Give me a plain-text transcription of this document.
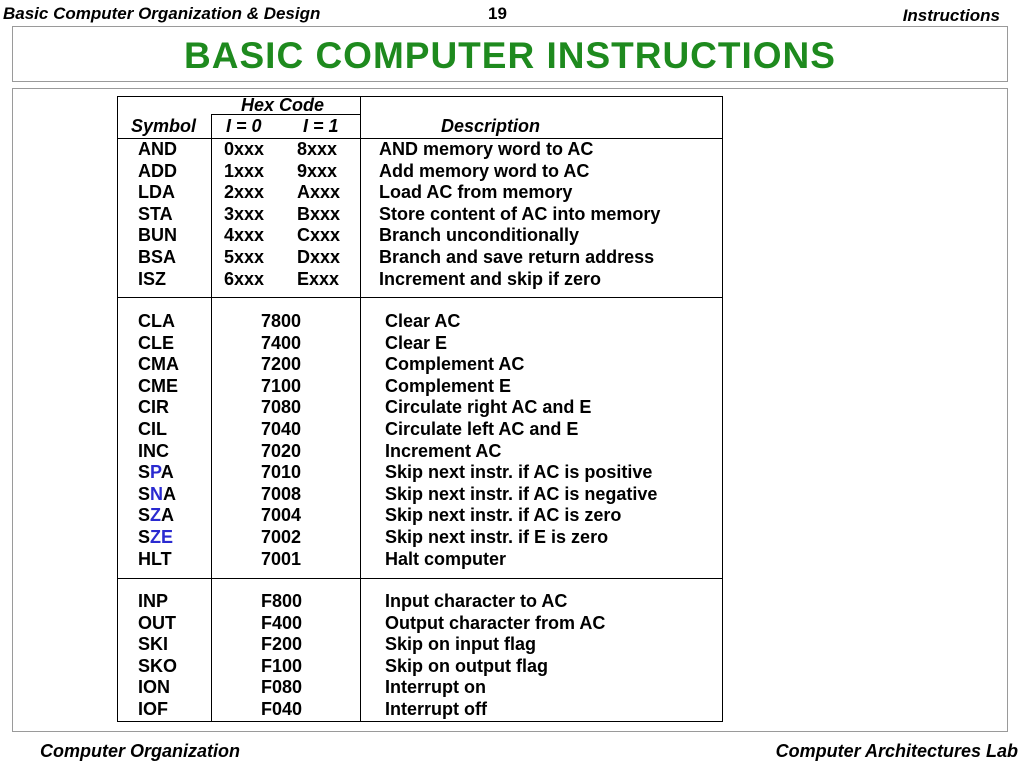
Basic Computer Organization & Design	19	Instructions
BASIC COMPUTER INSTRUCTIONS
Hex Code
Symbol I = 0 I = 1	Description
AND	0xxx 8xxx AND memory word to AC
ADD	1xxx 9xxx Add memory word to AC
LDA	2xxx Axxx Load AC from memory
STA	3xxx Bxxx Store content of AC into memory
BUN	4xxx Cxxx Branch unconditionally
BSA	5xxx Dxxx Branch and save return address
ISZ	6xxx Exxx Increment and skip if zero
CLA	7800	Clear AC
CLE	7400	Clear E
CMA	7200	Complement AC
CME	7100	Complement E
CIR	7080	Circulate right AC and E
CIL	7040	Circulate left AC and E
INC	7020	Increment AC
SPA	7010	Skip next instr. if AC is positive
SNA	7008	Skip next instr. if AC is negative
SZA	7004	Skip next instr. if AC is zero
SZE	7002	Skip next instr. if E is zero
HLT	7001	Halt computer
INP	F800	Input character to AC
OUT	F400	Output character from AC
SKI	F200	Skip on input flag
SKO	F100	Skip on output flag
ION	F080	Interrupt on
IOF	F040	Interrupt off
Computer Organization	Computer Architectures Lab
